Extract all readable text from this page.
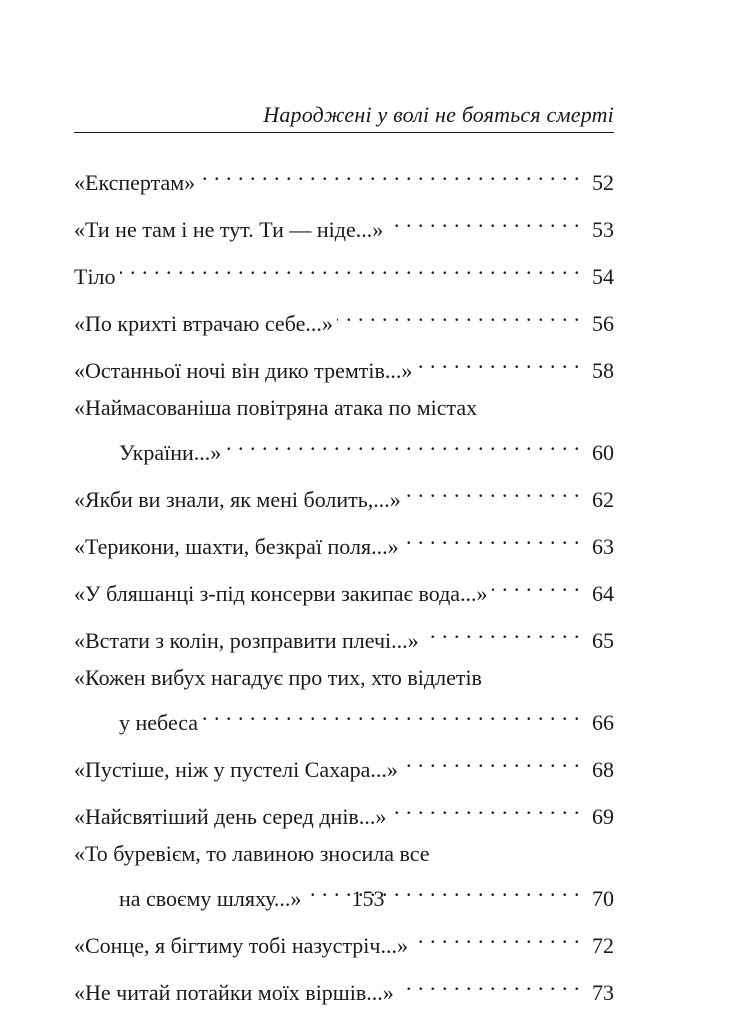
Народжені у волі не бояться смерті
«Експертам» . . .	52
«Ти не там і не тут. Ти — ніде...» . . .	53
Тіло . . .	54
«По крихті втрачаю себе...» . . .	56
«Останньої ночі він дико тремтів...» . . .	58
«Наймасованіша повітряна атака по містах
України...» . . .	60
«Якби ви знали, як мені болить,...» . . .	62
«Терикони, шахти, безкраї поля...» . . .	63
«У бляшанці з-під консерви закипає вода...» . . .	64
«Встати з колін, розправити плечі...» . . .	65
«Кожен вибух нагадує про тих, хто відлетів
у небеса . . .	66
«Пустіше, ніж у пустелі Сахара...» . . .	68
«Найсвятіший день серед днів...» . . .	69
«То буревієм, то лавиною зносила все
на своєму шляху...» . . .	70
«Сонце, я бігтиму тобі назустріч...» . . .	72
«Не читай потайки моїх віршів...» . . .	73
153
